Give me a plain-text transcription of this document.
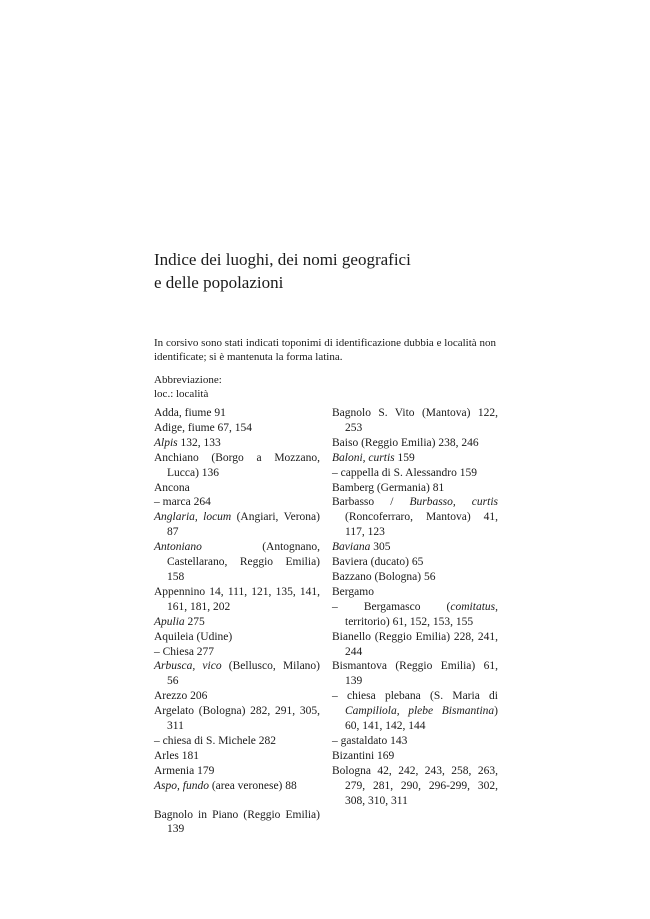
Indice dei luoghi, dei nomi geografici
e delle popolazioni

In corsivo sono stati indicati toponimi di identificazione dubbia e località non identificate; si è mantenuta la forma latina.

Abbreviazione:
loc.: località
Adda, fiume 91
Adige, fiume 67, 154
Alpis 132, 133
Anchiano (Borgo a Mozzano, Lucca) 136
Ancona
– marca 264
Anglaria, locum (Angiari, Verona) 87
Antoniano (Antognano, Castellarano, Reggio Emilia) 158
Appennino 14, 111, 121, 135, 141, 161, 181, 202
Apulia 275
Aquileia (Udine)
– Chiesa 277
Arbusca, vico (Bellusco, Milano) 56
Arezzo 206
Argelato (Bologna) 282, 291, 305, 311
– chiesa di S. Michele 282
Arles 181
Armenia 179
Aspo, fundo (area veronese) 88
Bagnolo in Piano (Reggio Emilia) 139
Bagnolo S. Vito (Mantova) 122, 253
Baiso (Reggio Emilia) 238, 246
Baloni, curtis 159
– cappella di S. Alessandro 159
Bamberg (Germania) 81
Barbasso / Burbasso, curtis (Roncoferraro, Mantova) 41, 117, 123
Baviana 305
Baviera (ducato) 65
Bazzano (Bologna) 56
Bergamo
– Bergamasco (comitatus, territorio) 61, 152, 153, 155
Bianello (Reggio Emilia) 228, 241, 244
Bismantova (Reggio Emilia) 61, 139
– chiesa plebana (S. Maria di Campiliola, plebe Bismantina) 60, 141, 142, 144
– gastaldato 143
Bizantini 169
Bologna 42, 242, 243, 258, 263, 279, 281, 290, 296-299, 302, 308, 310, 311
